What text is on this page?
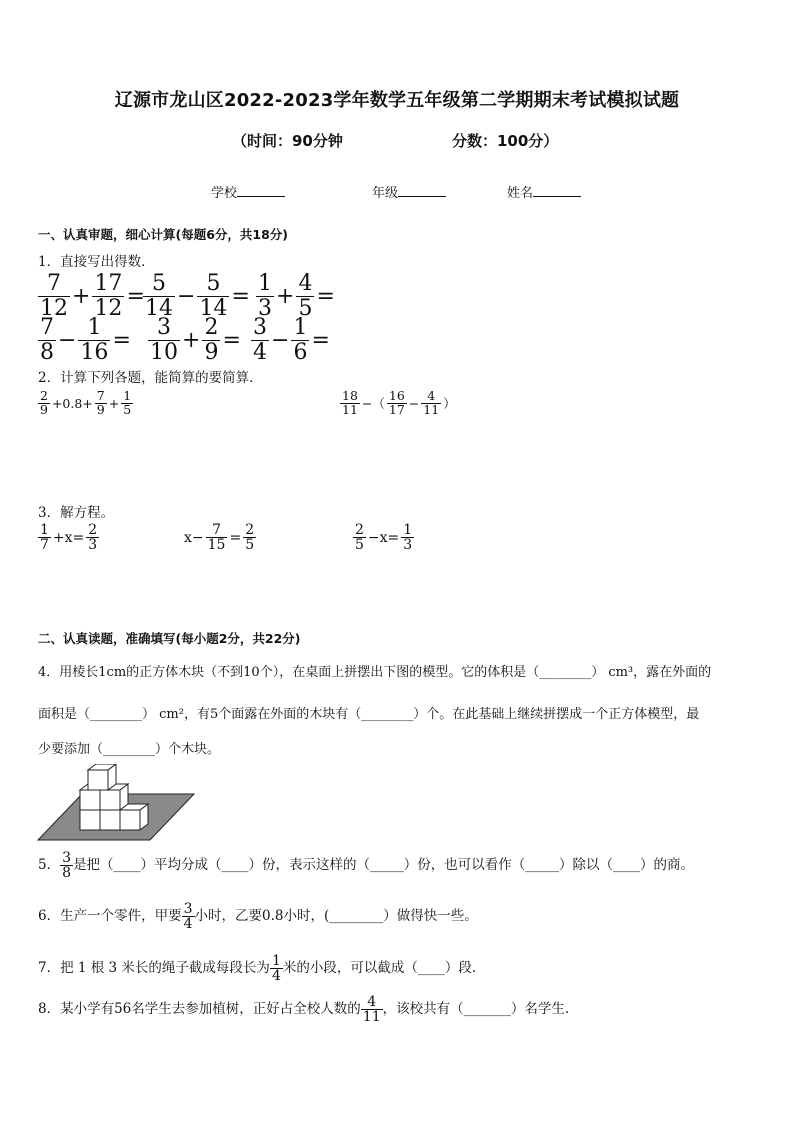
辽源市龙山区2022-2023学年数学五年级第二学期期末考试模拟试题
（时间：90分钟	分数：100分）
学校	年级	姓名
一、认真审题，细心计算(每题6分，共18分)
1．直接写出得数．
$\frac{7}{12} + \frac{17}{12}$ =
$\frac{5}{14} - \frac{5}{14} = \frac{1}{3} + \frac{4}{5}$ =
$\frac{7}{8} - \frac{1}{16} = \frac{3}{10} + \frac{2}{9} = \frac{3}{4} - \frac{1}{6}$ =
2．计算下列各题，能简算的要简算．
$\frac{2}{9} +0.8+ \frac{7}{9} + \frac{1}{5}$	$\frac{18}{11}$ −（ $\frac{16}{17} - \frac{4}{11}$ ）
3．解方程。
$\frac{1}{7} +x= \frac{2}{3}$	$x- \frac{7}{15} = \frac{2}{5}$	$\frac{2}{5} -x= \frac{1}{3}$
二、认真读题，准确填写(每小题2分，共22分)
4．用棱长1cm的正方体木块（不到10个），在桌面上拼摆出下图的模型。它的体积是（________） cm³，露在外面的
面积是（________） cm²，有5个面露在外面的木块有（________）个。在此基础上继续拼摆成一个正方体模型，最
少要添加（________）个木块。
5． $\frac{3}{8}$ 是把（____）平均分成（____）份，表示这样的（_____）份，也可以看作（_____）除以（____）的商。
6．生产一个零件，甲要 $\frac{3}{4}$ 小时，乙要0.8小时，(________）做得快一些。
7．把 1 根 3 米长的绳子截成每段长为 $\frac{1}{4}$ 米的小段，可以截成（____）段.
8．某小学有56名学生去参加植树，正好占全校人数的 $\frac{4}{11}$ ，该校共有（_______）名学生.
